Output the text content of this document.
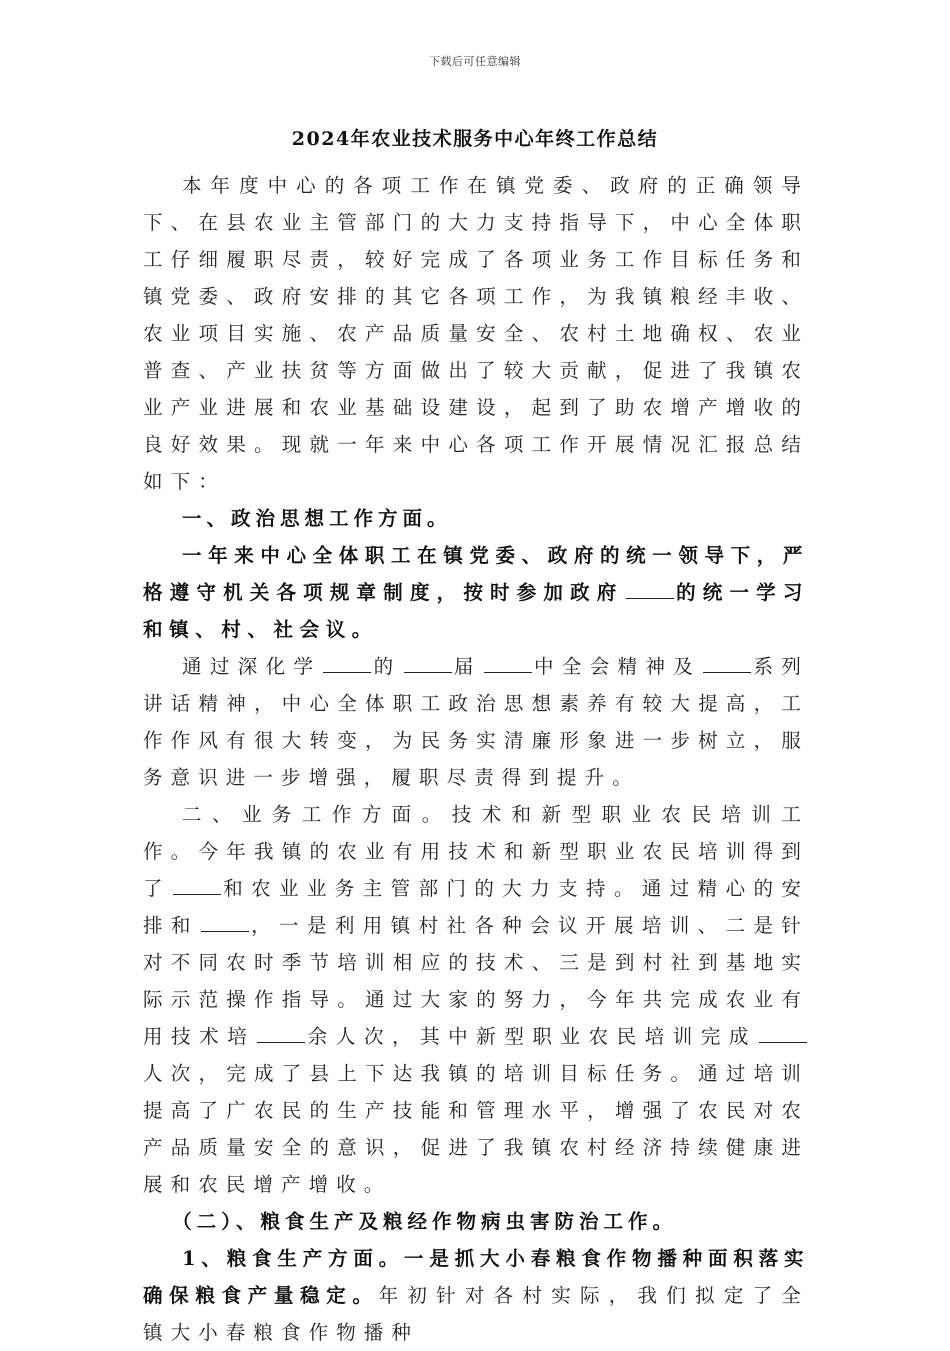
下载后可任意编辑
2024年农业技术服务中心年终工作总结

本年度中心的各项工作在镇党委、政府的正确领导下、在县农业主管部门的大力支持指导下，中心全体职工仔细履职尽责，较好完成了各项业务工作目标任务和镇党委、政府安排的其它各项工作，为我镇粮经丰收、农业项目实施、农产品质量安全、农村土地确权、农业普查、产业扶贫等方面做出了较大贡献，促进了我镇农业产业进展和农业基础设建设，起到了助农增产增收的良好效果。现就一年来中心各项工作开展情况汇报总结如下：

一、政治思想工作方面。

一年来中心全体职工在镇党委、政府的统一领导下，严格遵守机关各项规章制度，按时参加政府	的统一学习和镇、村、社会议。

通过深化学	的	届	中全会精神及	系列讲话精神，中心全体职工政治思想素养有较大提高，工作作风有很大转变，为民务实清廉形象进一步树立，服务意识进一步增强，履职尽责得到提升。

二、业务工作方面。技术和新型职业农民培训工作。今年我镇的农业有用技术和新型职业农民培训得到了	和农业业务主管部门的大力支持。通过精心的安排和	，一是利用镇村社各种会议开展培训、二是针对不同农时季节培训相应的技术、三是到村社到基地实际示范操作指导。通过大家的努力，今年共完成农业有用技术培	余人次，其中新型职业农民培训完成人次，完成了县上下达我镇的培训目标任务。通过培训提高了广农民的生产技能和管理水平，增强了农民对农产品质量安全的意识，促进了我镇农村经济持续健康进展和农民增产增收。

（二）、粮食生产及粮经作物病虫害防治工作。

1、粮食生产方面。一是抓大小春粮食作物播种面积落实确保粮食产量稳定。年初针对各村实际，我们拟定了全镇大小春粮食作物播种
